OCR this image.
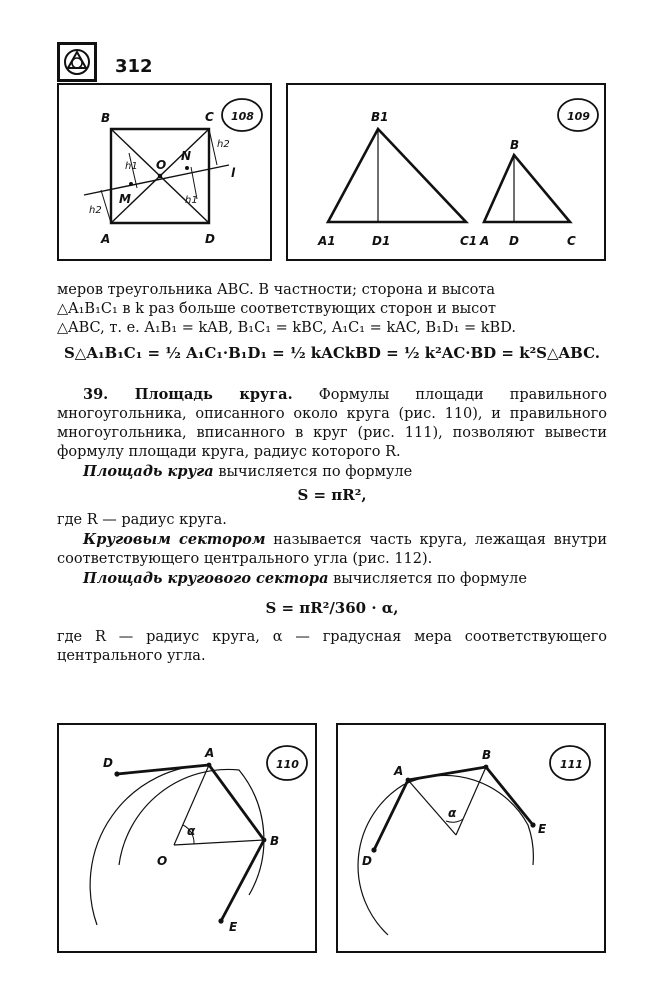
312
108
B	C
A	D
O
N
M
l
h1
h1
h2
h2
109
B1
A1	D1	C1
B
A D	C
меров треугольника ABC. В частности; сторона и высота
△A₁B₁C₁ в k раз больше соответствующих сторон и высот
△ABC, т. е. A₁B₁ = kAB, B₁C₁ = kBC, A₁C₁ = kAC, B₁D₁ = kBD.
S△A₁B₁C₁ = ½ A₁C₁·B₁D₁ = ½ kACkBD = ½ k²AC·BD = k²S△ABC.

39. Площадь круга. Формулы площади правильного многоугольника, описанного около круга (рис. 110), и правильного многоугольника, вписанного в круг (рис. 111), позволяют вывести формулу площади круга, радиус которого R.

Площадь круга вычисляется по формуле

S = πR²,

где R — радиус круга.

Круговым сектором называется часть круга, лежащая внутри соответствующего центрального угла (рис. 112).

Площадь кругового сектора вычисляется по формуле

S = πR²/360 · α,

где R — радиус круга, α — градусная мера соответствующего центрального угла.

110
D
A
B
O
E
α
111
A
B
D
E
α
